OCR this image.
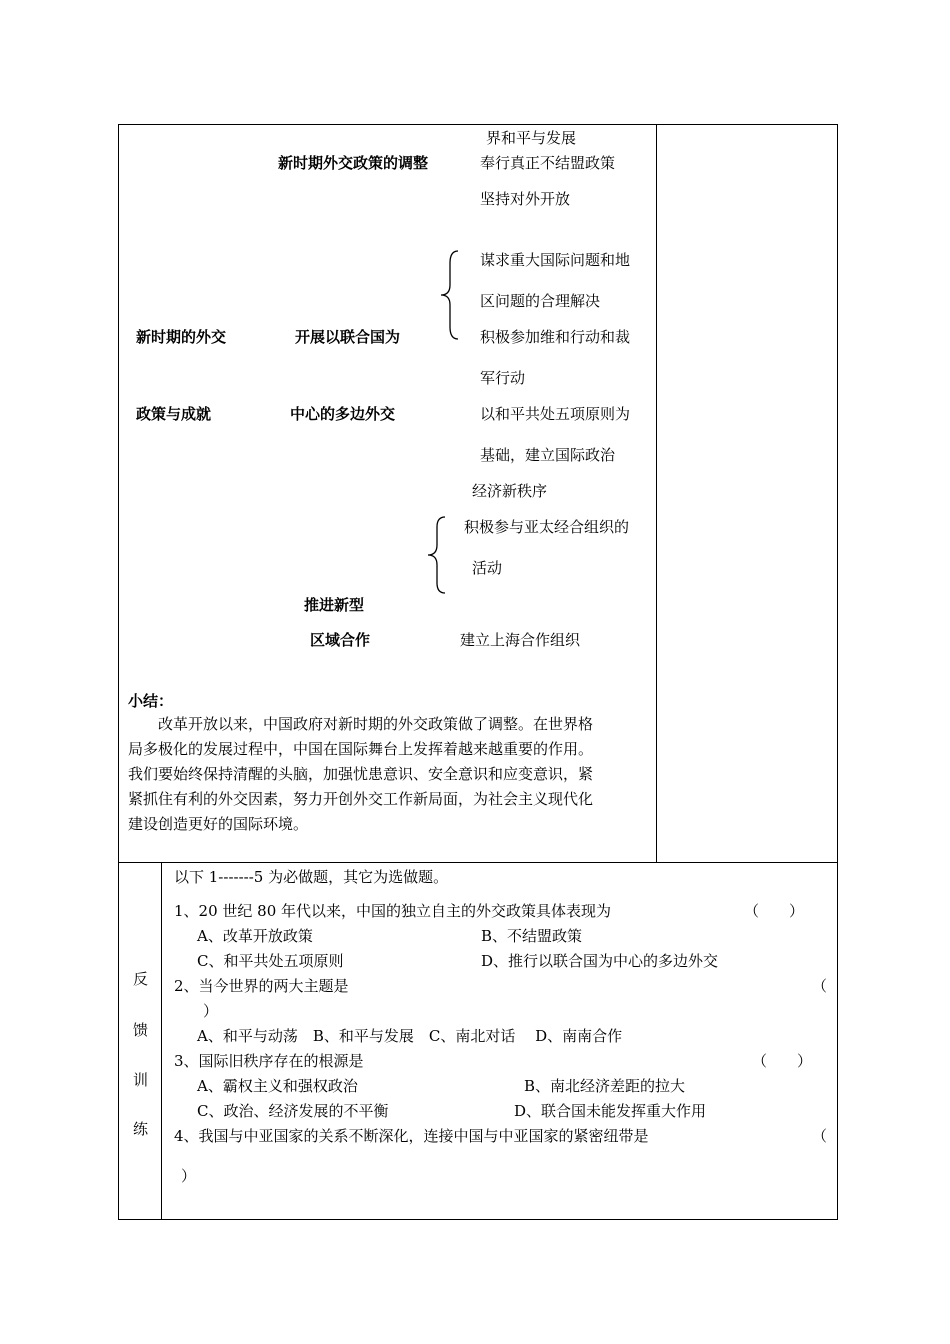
界和平与发展
新时期外交政策的调整	奉行真正不结盟政策
坚持对外开放
谋求重大国际问题和地
区问题的合理解决
新时期的外交	开展以联合国为	积极参加维和行动和裁
军行动
政策与成就	中心的多边外交	以和平共处五项原则为
基础，建立国际政治
经济新秩序
积极参与亚太经合组织的
活动
推进新型
区域合作	建立上海合作组织
小结：
改革开放以来，中国政府对新时期的外交政策做了调整。在世界格
局多极化的发展过程中，中国在国际舞台上发挥着越来越重要的作用。
我们要始终保持清醒的头脑，加强忧患意识、安全意识和应变意识，紧
紧抓住有利的外交因素，努力开创外交工作新局面，为社会主义现代化
建设创造更好的国际环境。
反
馈
训
练
以下 1-------5 为必做题，其它为选做题。
1、20 世纪 80 年代以来，中国的独立自主的外交政策具体表现为	（　　）
A、改革开放政策	B、不结盟政策
C、和平共处五项原则	D、推行以联合国为中心的多边外交
2、当今世界的两大主题是	（
）
A、和平与动荡　B、和平与发展　C、南北对话　 D、南南合作
3、国际旧秩序存在的根源是	（　　）
A、霸权主义和强权政治	B、南北经济差距的拉大
C、政治、经济发展的不平衡	D、联合国未能发挥重大作用
4、我国与中亚国家的关系不断深化，连接中国与中亚国家的紧密纽带是	（
）
